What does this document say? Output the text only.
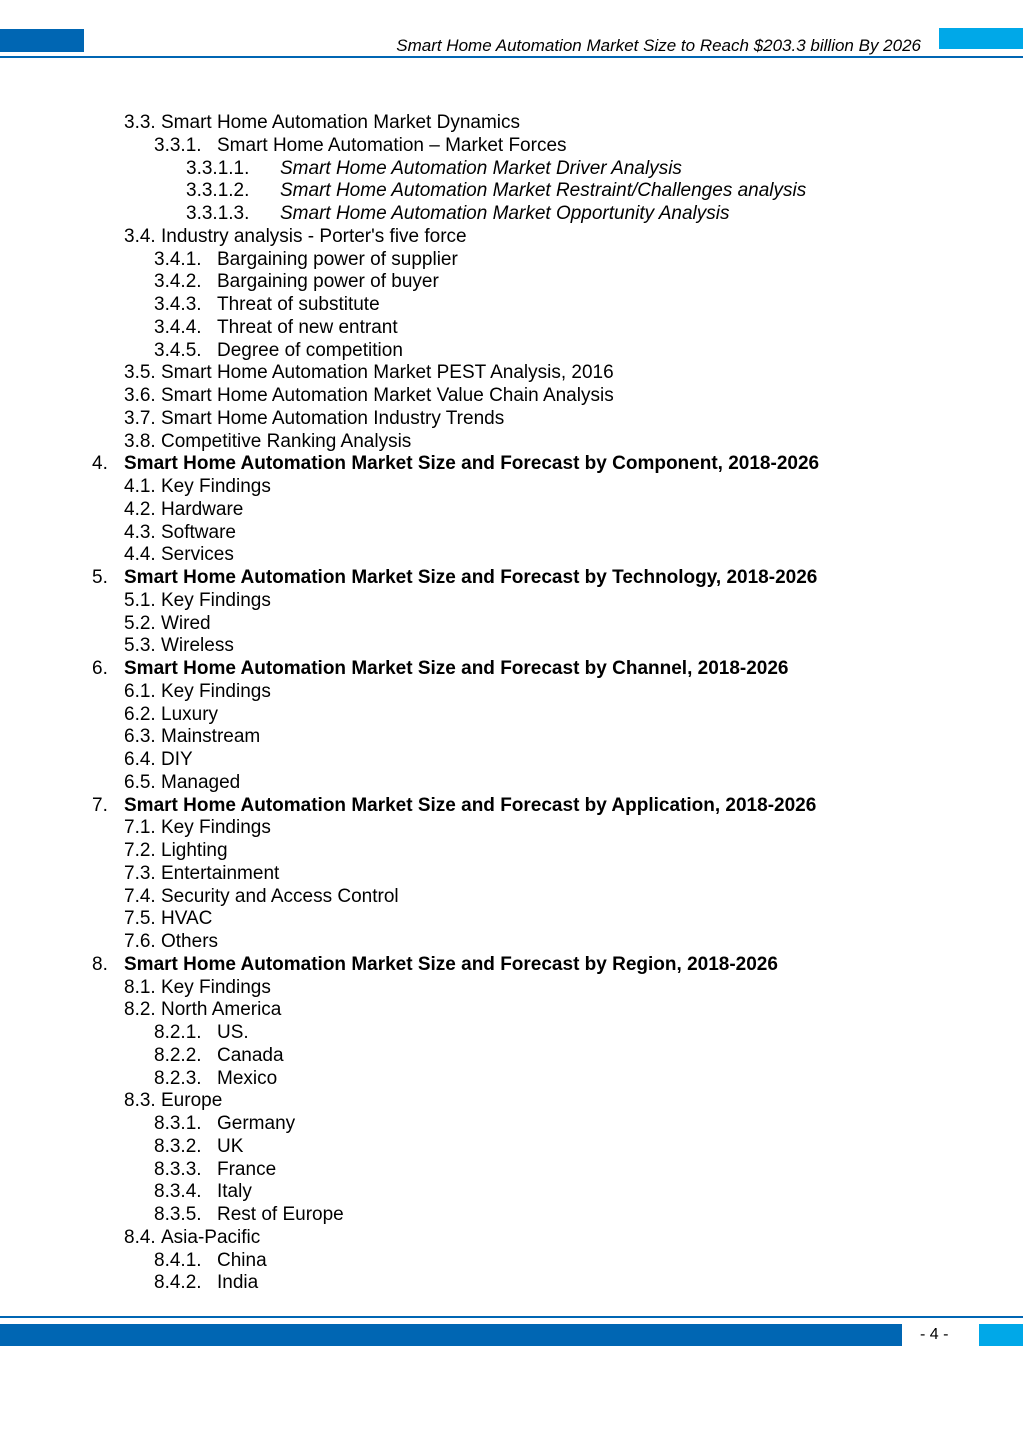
Smart Home Automation Market Size to Reach $203.3 billion By 2026
3.3. Smart Home Automation Market Dynamics
3.3.1. Smart Home Automation – Market Forces
3.3.1.1. Smart Home Automation Market Driver Analysis
3.3.1.2. Smart Home Automation Market Restraint/Challenges analysis
3.3.1.3. Smart Home Automation Market Opportunity Analysis
3.4. Industry analysis - Porter's five force
3.4.1. Bargaining power of supplier
3.4.2. Bargaining power of buyer
3.4.3. Threat of substitute
3.4.4. Threat of new entrant
3.4.5. Degree of competition
3.5. Smart Home Automation Market PEST Analysis, 2016
3.6. Smart Home Automation Market Value Chain Analysis
3.7. Smart Home Automation Industry Trends
3.8. Competitive Ranking Analysis
4. Smart Home Automation Market Size and Forecast by Component, 2018-2026
4.1. Key Findings
4.2. Hardware
4.3. Software
4.4. Services
5. Smart Home Automation Market Size and Forecast by Technology, 2018-2026
5.1. Key Findings
5.2. Wired
5.3. Wireless
6. Smart Home Automation Market Size and Forecast by Channel, 2018-2026
6.1. Key Findings
6.2. Luxury
6.3. Mainstream
6.4. DIY
6.5. Managed
7. Smart Home Automation Market Size and Forecast by Application, 2018-2026
7.1. Key Findings
7.2. Lighting
7.3. Entertainment
7.4. Security and Access Control
7.5. HVAC
7.6. Others
8. Smart Home Automation Market Size and Forecast by Region, 2018-2026
8.1. Key Findings
8.2. North America
8.2.1. US.
8.2.2. Canada
8.2.3. Mexico
8.3. Europe
8.3.1. Germany
8.3.2. UK
8.3.3. France
8.3.4. Italy
8.3.5. Rest of Europe
8.4. Asia-Pacific
8.4.1. China
8.4.2. India
- 4 -
